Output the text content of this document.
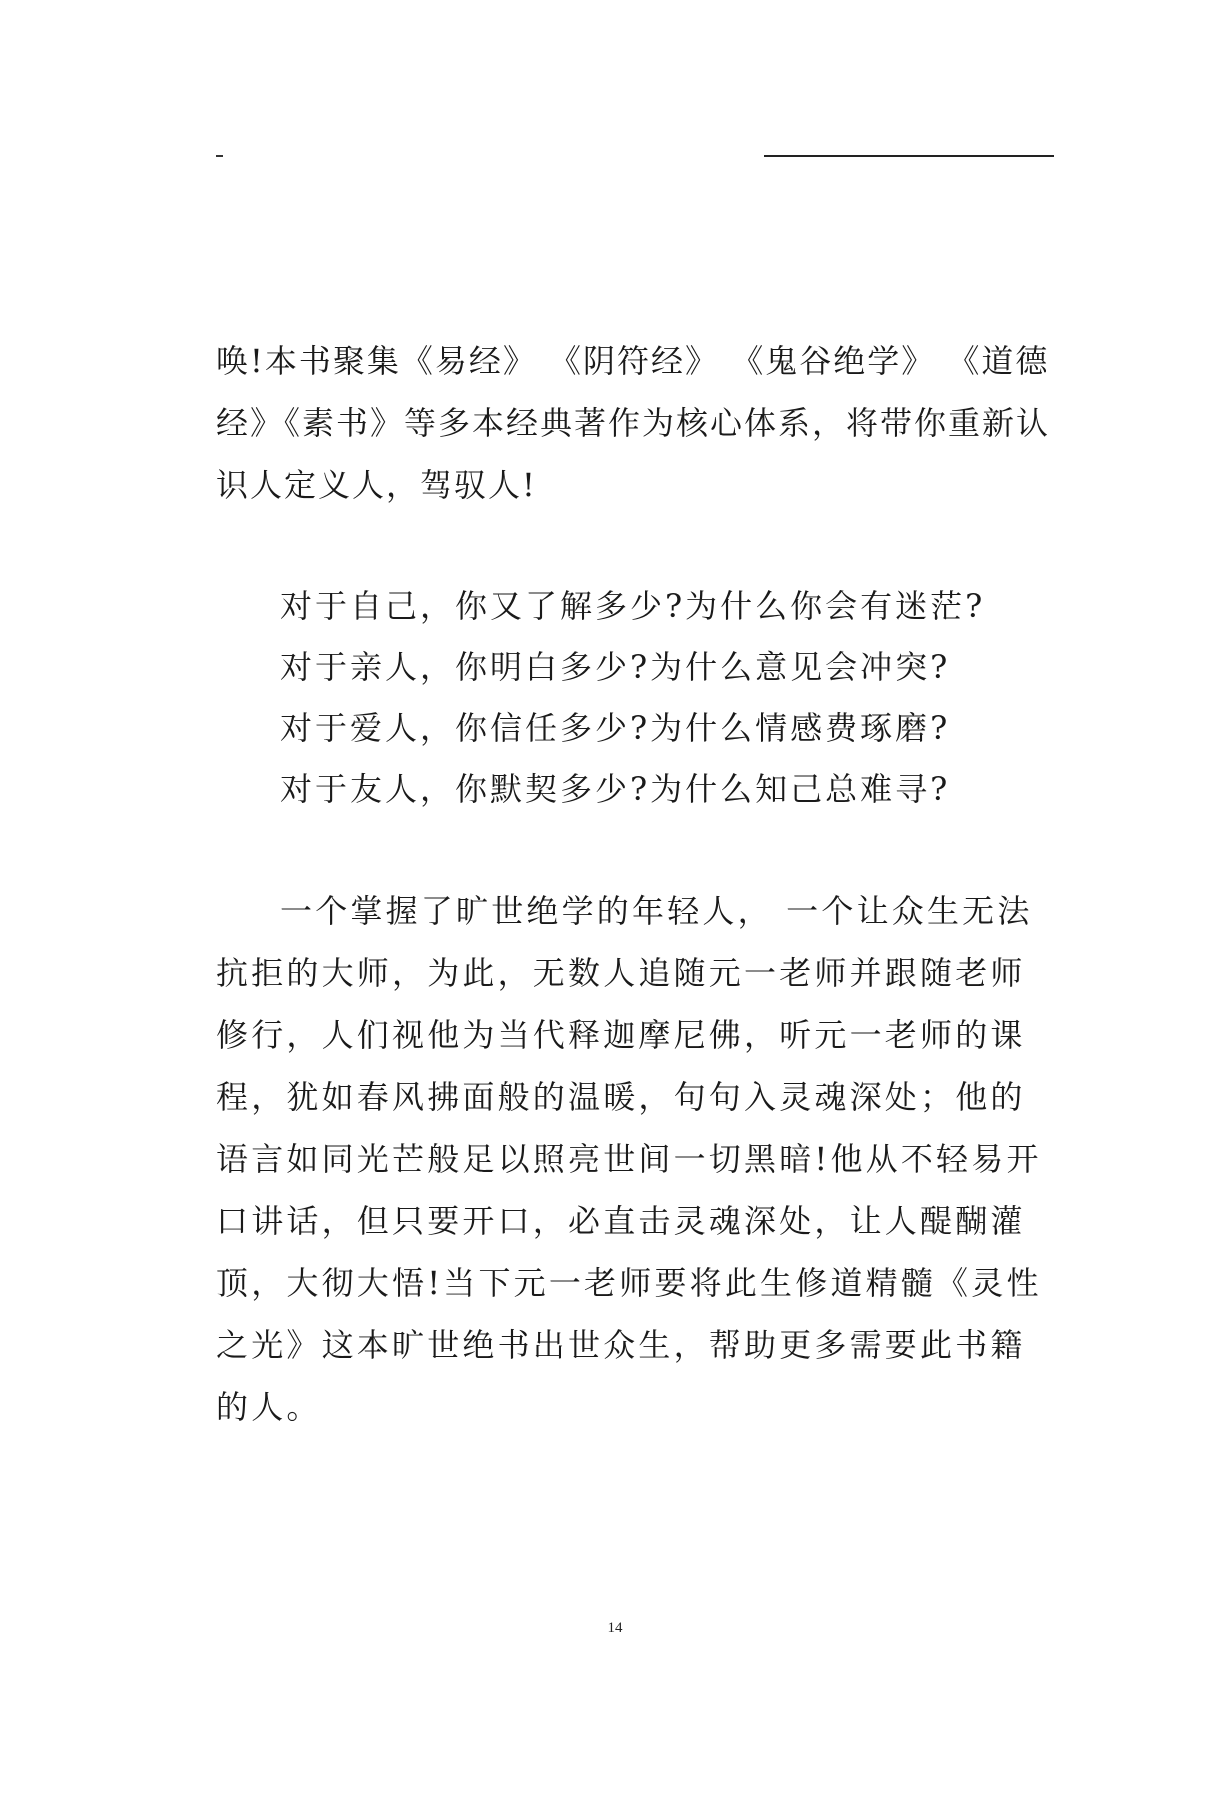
唤!本书聚集《易经》 《阴符经》 《鬼谷绝学》 《道德经》《素书》等多本经典著作为核心体系，将带你重新认识人定义人，驾驭人!

对于自己，你又了解多少?为什么你会有迷茫?

对于亲人，你明白多少?为什么意见会冲突?

对于爱人，你信任多少?为什么情感费琢磨?

对于友人，你默契多少?为什么知己总难寻?

一个掌握了旷世绝学的年轻人， 一个让众生无法抗拒的大师，为此，无数人追随元一老师并跟随老师修行，人们视他为当代释迦摩尼佛，听元一老师的课程，犹如春风拂面般的温暖，句句入灵魂深处；他的语言如同光芒般足以照亮世间一切黑暗!他从不轻易开口讲话，但只要开口，必直击灵魂深处，让人醍醐灌顶，大彻大悟!当下元一老师要将此生修道精髓《灵性之光》这本旷世绝书出世众生，帮助更多需要此书籍的人。

14
